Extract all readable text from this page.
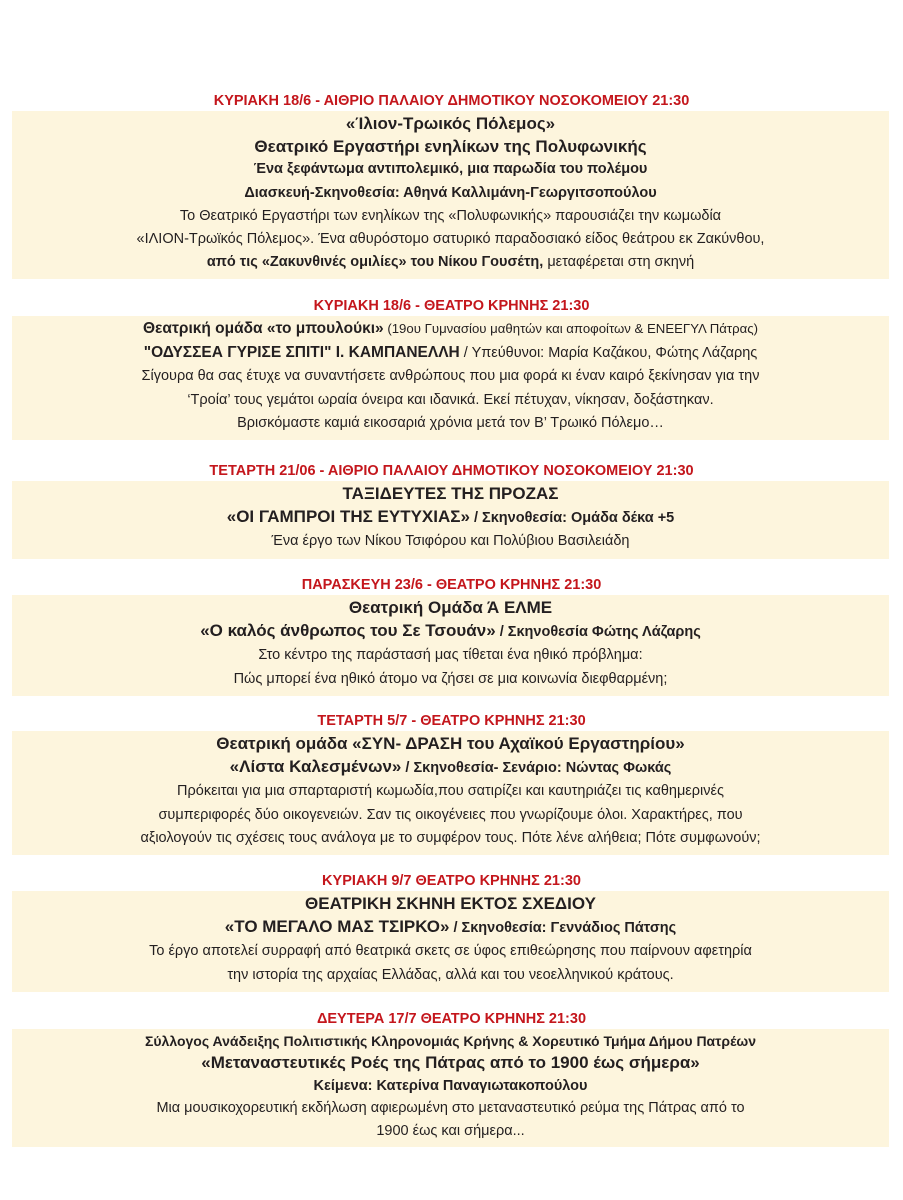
ΚΥΡΙΑΚΗ 18/6 - ΑΙΘΡΙΟ ΠΑΛΑΙΟΥ ΔΗΜΟΤΙΚΟΥ ΝΟΣΟΚΟΜΕΙΟΥ 21:30
«Ίλιον-Τρωικός Πόλεμος»
Θεατρικό Εργαστήρι ενηλίκων της Πολυφωνικής
Ένα ξεφάντωμα αντιπολεμικό, μια παρωδία του πολέμου
Διασκευή-Σκηνοθεσία: Αθηνά Καλλιμάνη-Γεωργιτσοπούλου
Το Θεατρικό Εργαστήρι των ενηλίκων της «Πολυφωνικής» παρουσιάζει την κωμωδία
«ΙΛΙΟΝ-Τρωϊκός Πόλεμος». Ένα αθυρόστομο σατυρικό παραδοσιακό είδος θεάτρου εκ Ζακύνθου,
από τις «Ζακυνθινές ομιλίες» του Νίκου Γουσέτη, μεταφέρεται στη σκηνή
ΚΥΡΙΑΚΗ 18/6 - ΘΕΑΤΡΟ ΚΡΗΝΗΣ 21:30
Θεατρική ομάδα «το μπουλούκι» (19ου Γυμνασίου μαθητών και αποφοίτων & ΕΝΕΕΓΥΛ Πάτρας)
"ΟΔΥΣΣΕΑ ΓΥΡΙΣΕ ΣΠΙΤΙ" Ι. ΚΑΜΠΑΝΕΛΛΗ / Υπεύθυνοι: Μαρία Καζάκου, Φώτης Λάζαρης
Σίγουρα θα σας έτυχε να συναντήσετε ανθρώπους που μια φορά κι έναν καιρό ξεκίνησαν για την
‘Τροία’ τους γεμάτοι ωραία όνειρα και ιδανικά. Εκεί πέτυχαν, νίκησαν, δοξάστηκαν.
Βρισκόμαστε καμιά εικοσαριά χρόνια μετά τον Β’ Τρωικό Πόλεμο…
ΤΕΤΑΡΤΗ 21/06 - ΑΙΘΡΙΟ ΠΑΛΑΙΟΥ ΔΗΜΟΤΙΚΟΥ ΝΟΣΟΚΟΜΕΙΟΥ 21:30
ΤΑΞΙΔΕΥΤΕΣ ΤΗΣ ΠΡΟΖΑΣ
«ΟΙ ΓΑΜΠΡΟΙ ΤΗΣ ΕΥΤΥΧΙΑΣ» / Σκηνοθεσία: Ομάδα δέκα +5
Ένα έργο των Νίκου Τσιφόρου και Πολύβιου Βασιλειάδη
ΠΑΡΑΣΚΕΥΗ 23/6 - ΘΕΑΤΡΟ ΚΡΗΝΗΣ 21:30
Θεατρική Ομάδα Ά ΕΛΜΕ
«Ο καλός άνθρωπος του Σε Τσουάν» / Σκηνοθεσία Φώτης Λάζαρης
Στο κέντρο της παράστασή μας τίθεται ένα ηθικό πρόβλημα:
Πώς μπορεί ένα ηθικό άτομο να ζήσει σε μια κοινωνία διεφθαρμένη;
ΤΕΤΑΡΤΗ 5/7 - ΘΕΑΤΡΟ ΚΡΗΝΗΣ 21:30
Θεατρική ομάδα «ΣΥΝ- ΔΡΑΣΗ του Αχαϊκού Εργαστηρίου»
«Λίστα Καλεσμένων» / Σκηνοθεσία- Σενάριο: Νώντας Φωκάς
Πρόκειται για μια σπαρταριστή κωμωδία,που σατιρίζει και καυτηριάζει τις καθημερινές
συμπεριφορές δύο οικογενειών. Σαν τις οικογένειες που γνωρίζουμε όλοι. Χαρακτήρες, που
αξιολογούν τις σχέσεις τους ανάλογα με το συμφέρον τους. Πότε λένε αλήθεια; Πότε συμφωνούν;
ΚΥΡΙΑΚΗ 9/7 ΘΕΑΤΡΟ ΚΡΗΝΗΣ 21:30
ΘΕΑΤΡΙΚΗ ΣΚΗΝΗ ΕΚΤΟΣ ΣΧΕΔΙΟΥ
«ΤΟ ΜΕΓΑΛΟ ΜΑΣ ΤΣΙΡΚΟ» / Σκηνοθεσία: Γεννάδιος Πάτσης
Το έργο αποτελεί συρραφή από θεατρικά σκετς σε ύφος επιθεώρησης που παίρνουν αφετηρία
την ιστορία της αρχαίας Ελλάδας, αλλά και του νεοελληνικού κράτους.
ΔΕΥΤΕΡΑ 17/7 ΘΕΑΤΡΟ ΚΡΗΝΗΣ 21:30
Σύλλογος Ανάδειξης Πολιτιστικής Κληρονομιάς Κρήνης & Χορευτικό Τμήμα Δήμου Πατρέων
«Μεταναστευτικές Ροές της Πάτρας από το 1900 έως σήμερα»
Κείμενα: Κατερίνα Παναγιωτακοπούλου
Μια μουσικοχορευτική εκδήλωση αφιερωμένη στο μεταναστευτικό ρεύμα της Πάτρας από το
1900 έως και σήμερα...
